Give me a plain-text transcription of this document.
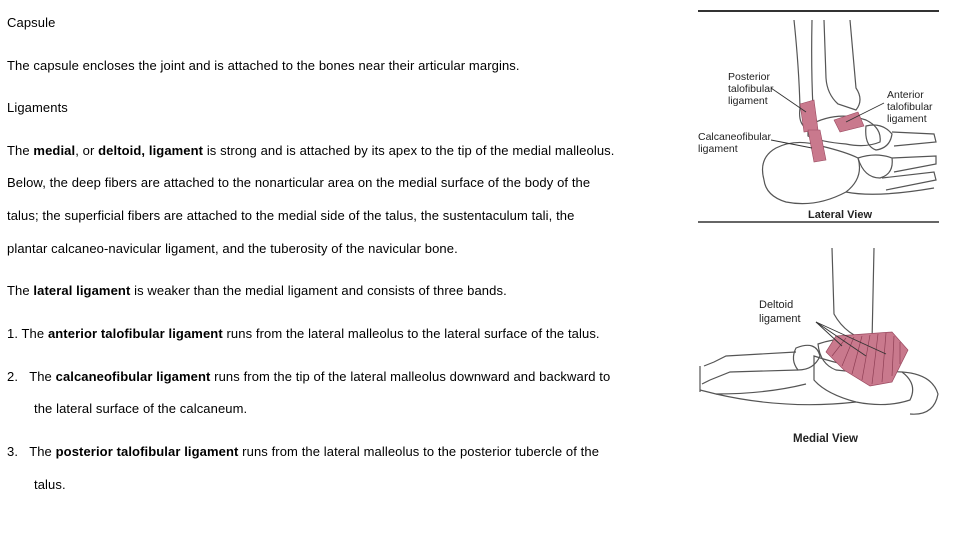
Capsule
The capsule encloses the joint and is attached to the bones near their articular margins.
Ligaments
The medial, or deltoid, ligament is strong and is attached by its apex to the tip of the medial malleolus.
Below, the deep fibers are attached to the nonarticular area on the medial surface of the body of the
talus; the superficial fibers are attached to the medial side of the talus, the sustentaculum tali, the
plantar calcaneo-navicular ligament, and the tuberosity of the navicular bone.
The lateral ligament is weaker than the medial ligament and consists of three bands.
1. The anterior talofibular ligament runs from the lateral malleolus to the lateral surface of the talus.
2. The calcaneofibular ligament runs from the tip of the lateral malleolus downward and backward to
the lateral surface of the calcaneum.
3. The posterior talofibular ligament runs from the lateral malleolus to the posterior tubercle of the
talus.
Posterior
talofibular
ligament	Anterior
talofibular
ligament
Calcaneofibular
ligament
Lateral View
Deltoid
ligament
Medial View
